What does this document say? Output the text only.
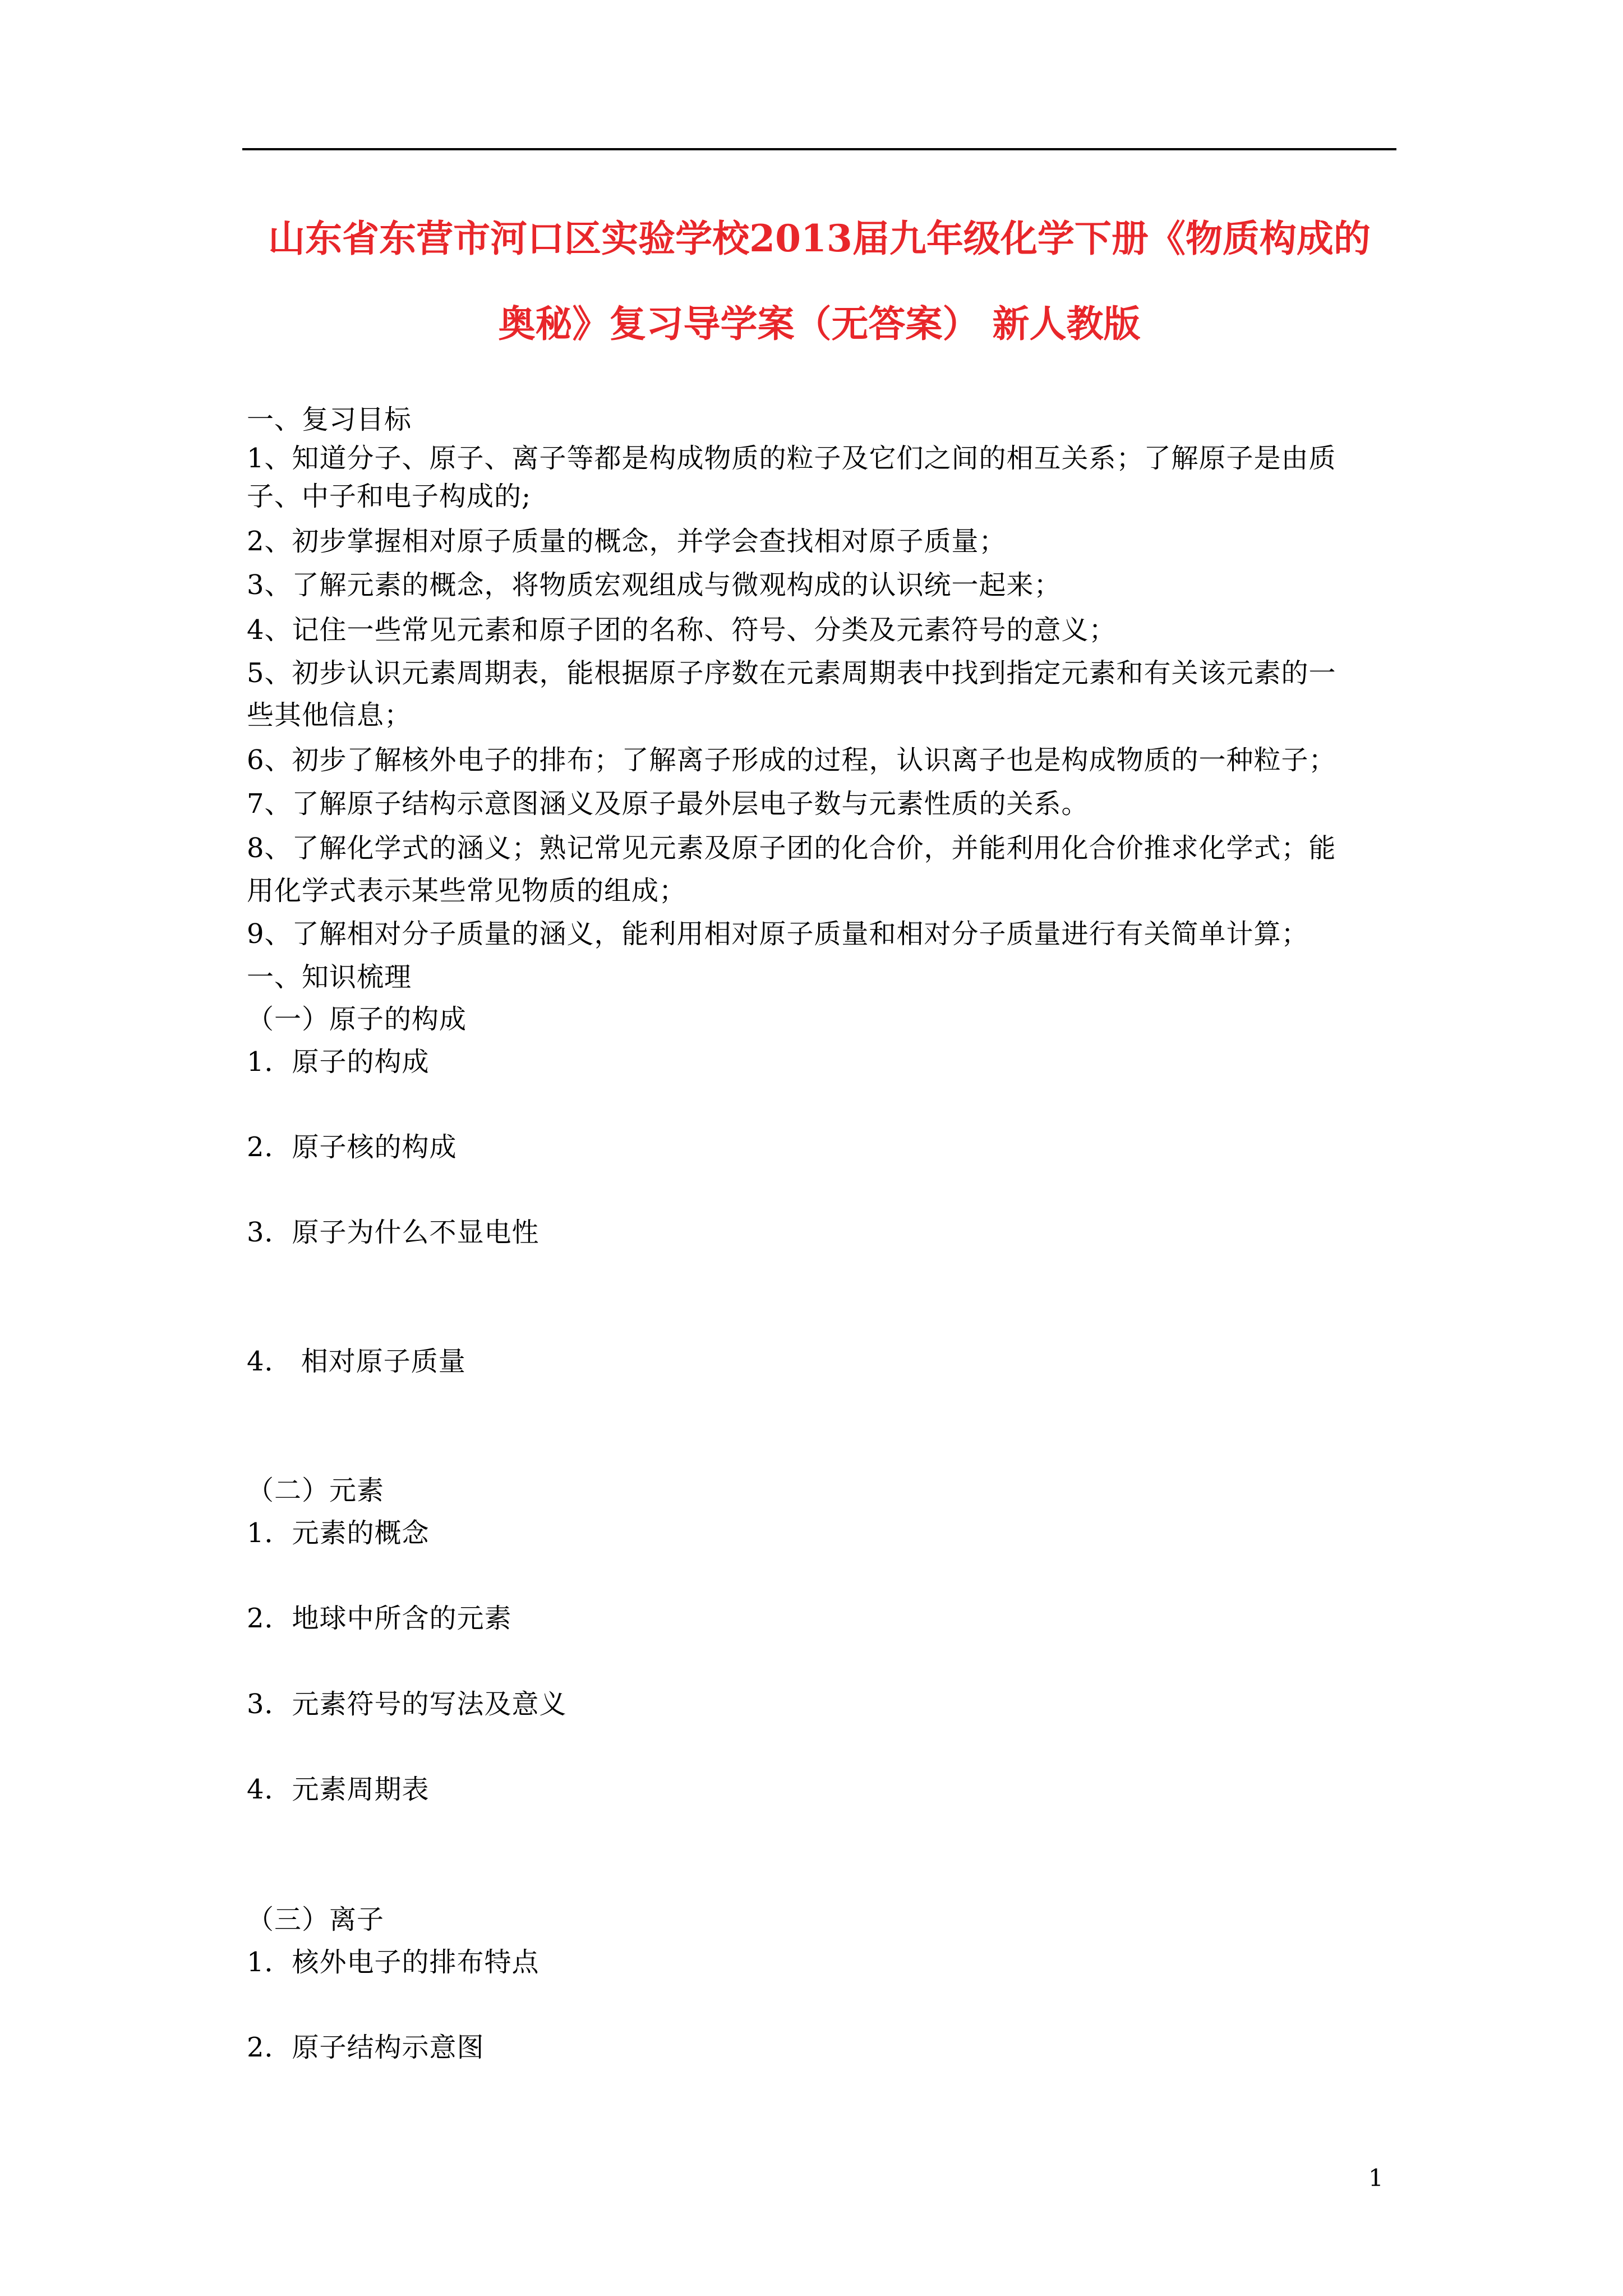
山东省东营市河口区实验学校2013届九年级化学下册《物质构成的
奥秘》复习导学案（无答案） 新人教版
一、复习目标
1、知道分子、原子、离子等都是构成物质的粒子及它们之间的相互关系；了解原子是由质
子、中子和电子构成的;
2、初步掌握相对原子质量的概念，并学会查找相对原子质量；
3、了解元素的概念，将物质宏观组成与微观构成的认识统一起来；
4、记住一些常见元素和原子团的名称、符号、分类及元素符号的意义；
5、初步认识元素周期表，能根据原子序数在元素周期表中找到指定元素和有关该元素的一
些其他信息；
6、初步了解核外电子的排布；了解离子形成的过程，认识离子也是构成物质的一种粒子；
7、了解原子结构示意图涵义及原子最外层电子数与元素性质的关系。
8、了解化学式的涵义；熟记常见元素及原子团的化合价，并能利用化合价推求化学式；能
用化学式表示某些常见物质的组成；
9、了解相对分子质量的涵义，能利用相对原子质量和相对分子质量进行有关简单计算；
一、知识梳理
（一）原子的构成
1．原子的构成
2．原子核的构成
3．原子为什么不显电性
4． 相对原子质量
（二）元素
1．元素的概念
2．地球中所含的元素
3．元素符号的写法及意义
4．元素周期表
（三）离子
1．核外电子的排布特点
2．原子结构示意图
1
